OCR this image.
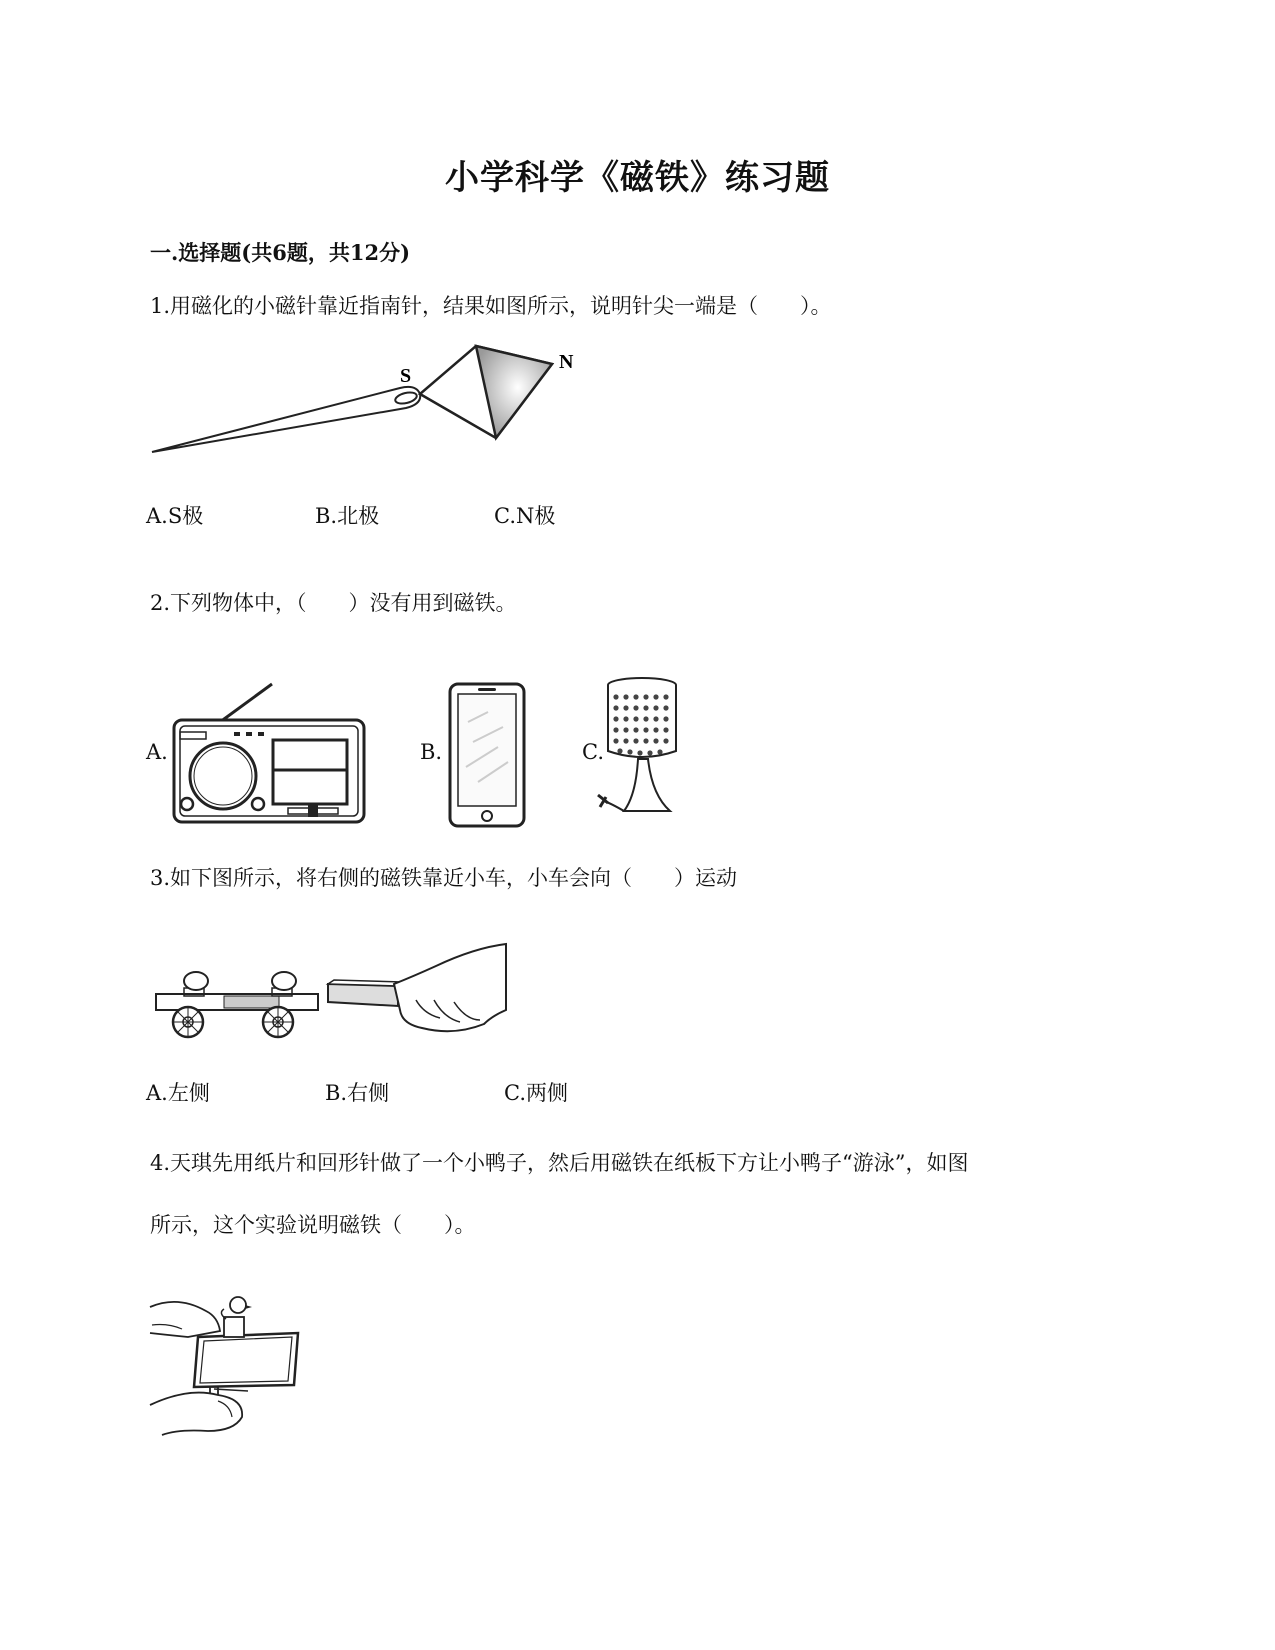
小学科学《磁铁》练习题
一.选择题(共6题，共12分)
1.用磁化的小磁针靠近指南针，结果如图所示，说明针尖一端是（　　）。
S
N
A.S极	B.北极	C.N极
2.下列物体中，（　　）没有用到磁铁。
A.	B.	C.
3.如下图所示，将右侧的磁铁靠近小车，小车会向（　　）运动
A.左侧	B.右侧	C.两侧
4.天琪先用纸片和回形针做了一个小鸭子，然后用磁铁在纸板下方让小鸭子“游泳”，如图
所示，这个实验说明磁铁（　　）。
